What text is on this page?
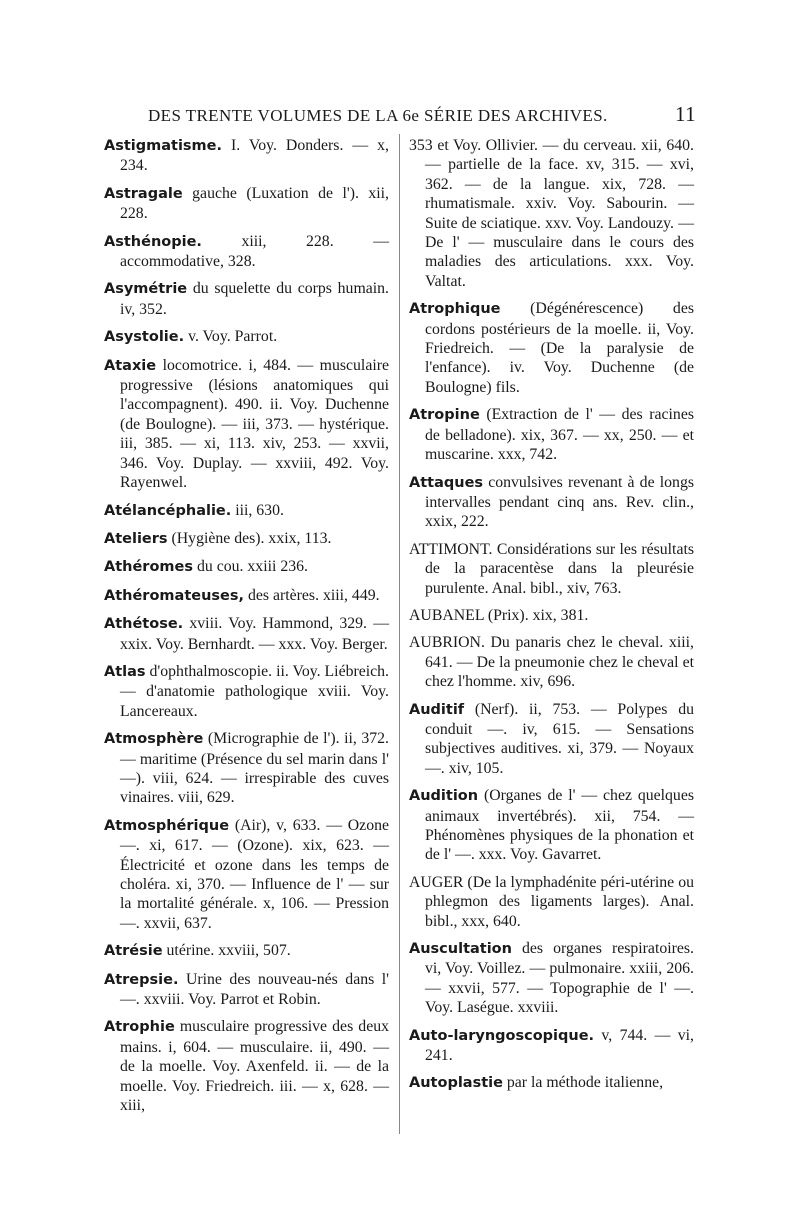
DES TRENTE VOLUMES DE LA 6e SÉRIE DES ARCHIVES.	11

Astigmatisme. I. Voy. Donders. — x, 234.

Astragale gauche (Luxation de l'). xii, 228.

Asthénopie. xiii, 228. — accommodative, 328.

Asymétrie du squelette du corps humain. iv, 352.

Asystolie. v. Voy. Parrot.

Ataxie locomotrice. i, 484. — musculaire progressive (lésions anatomiques qui l'accompagnent). 490. ii. Voy. Duchenne (de Boulogne). — iii, 373. — hystérique. iii, 385. — xi, 113. xiv, 253. — xxvii, 346. Voy. Duplay. — xxviii, 492. Voy. Rayenwel.

Atélancéphalie. iii, 630.

Ateliers (Hygiène des). xxix, 113.

Athéromes du cou. xxiii 236.

Athéromateuses, des artères. xiii, 449.

Athétose. xviii. Voy. Hammond, 329. — xxix. Voy. Bernhardt. — xxx. Voy. Berger.

Atlas d'ophthalmoscopie. ii. Voy. Liébreich. — d'anatomie pathologique xviii. Voy. Lancereaux.

Atmosphère (Micrographie de l'). ii, 372. — maritime (Présence du sel marin dans l' —). viii, 624. — irrespirable des cuves vinaires. viii, 629.

Atmosphérique (Air), v, 633. — Ozone —. xi, 617. — (Ozone). xix, 623. — Électricité et ozone dans les temps de choléra. xi, 370. — Influence de l' — sur la mortalité générale. x, 106. — Pression —. xxvii, 637.

Atrésie utérine. xxviii, 507.

Atrepsie. Urine des nouveau-nés dans l' —. xxviii. Voy. Parrot et Robin.

Atrophie musculaire progressive des deux mains. i, 604. — musculaire. ii, 490. — de la moelle. Voy. Axenfeld. ii. — de la moelle. Voy. Friedreich. iii. — x, 628. — xiii,

353 et Voy. Ollivier. — du cerveau. xii, 640. — partielle de la face. xv, 315. — xvi, 362. — de la langue. xix, 728. — rhumatismale. xxiv. Voy. Sabourin. — Suite de sciatique. xxv. Voy. Landouzy. — De l' — musculaire dans le cours des maladies des articulations. xxx. Voy. Valtat.

Atrophique (Dégénérescence) des cordons postérieurs de la moelle. ii, Voy. Friedreich. — (De la paralysie de l'enfance). iv. Voy. Duchenne (de Boulogne) fils.

Atropine (Extraction de l' — des racines de belladone). xix, 367. — xx, 250. — et muscarine. xxx, 742.

Attaques convulsives revenant à de longs intervalles pendant cinq ans. Rev. clin., xxix, 222.

ATTIMONT. Considérations sur les résultats de la paracentèse dans la pleurésie purulente. Anal. bibl., xiv, 763.

AUBANEL (Prix). xix, 381.

AUBRION. Du panaris chez le cheval. xiii, 641. — De la pneumonie chez le cheval et chez l'homme. xiv, 696.

Auditif (Nerf). ii, 753. — Polypes du conduit —. iv, 615. — Sensations subjectives auditives. xi, 379. — Noyaux —. xiv, 105.

Audition (Organes de l' — chez quelques animaux invertébrés). xii, 754. — Phénomènes physiques de la phonation et de l' —. xxx. Voy. Gavarret.

AUGER (De la lymphadénite péri-utérine ou phlegmon des ligaments larges). Anal. bibl., xxx, 640.

Auscultation des organes respiratoires. vi, Voy. Voillez. — pulmonaire. xxiii, 206. — xxvii, 577. — Topographie de l' —. Voy. Laségue. xxviii.

Auto-laryngoscopique. v, 744. — vi, 241.

Autoplastie par la méthode italienne,
